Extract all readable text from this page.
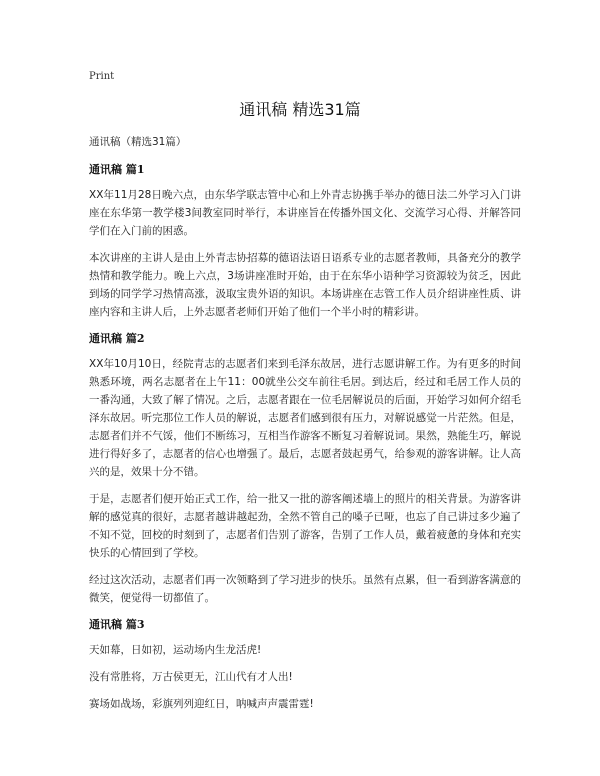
Print
通讯稿 精选31篇

通讯稿（精选31篇）

通讯稿 篇1

XX年11月28日晚六点，由东华学联志管中心和上外青志协携手举办的德日法二外学习入门讲座在东华第一教学楼3间教室同时举行，本讲座旨在传播外国文化、交流学习心得、并解答同学们在入门前的困惑。

本次讲座的主讲人是由上外青志协招募的德语法语日语系专业的志愿者教师，具备充分的教学热情和教学能力。晚上六点，3场讲座准时开始，由于在东华小语种学习资源较为贫乏，因此到场的同学学习热情高涨，汲取宝贵外语的知识。本场讲座在志管工作人员介绍讲座性质、讲座内容和主讲人后，上外志愿者老师们开始了他们一个半小时的精彩讲。

通讯稿 篇2

XX年10月10日，经院青志的志愿者们来到毛泽东故居，进行志愿讲解工作。为有更多的时间熟悉环境，两名志愿者在上午11：00就坐公交车前往毛居。到达后，经过和毛居工作人员的一番沟通，大致了解了情况。之后，志愿者跟在一位毛居解说员的后面，开始学习如何介绍毛泽东故居。听完那位工作人员的解说，志愿者们感到很有压力，对解说感觉一片茫然。但是，志愿者们并不气馁，他们不断练习，互相当作游客不断复习着解说词。果然，熟能生巧，解说进行得好多了，志愿者的信心也增强了。最后，志愿者鼓起勇气，给参观的游客讲解。让人高兴的是，效果十分不错。

于是，志愿者们便开始正式工作，给一批又一批的游客阐述墙上的照片的相关背景。为游客讲解的感觉真的很好，志愿者越讲越起劲，全然不管自己的嗓子已哑，也忘了自己讲过多少遍了不知不觉，回校的时刻到了，志愿者们告别了游客，告别了工作人员，戴着疲惫的身体和充实快乐的心情回到了学校。

经过这次活动，志愿者们再一次领略到了学习进步的快乐。虽然有点累，但一看到游客满意的微笑，便觉得一切都值了。

通讯稿 篇3

天如幕，日如初，运动场内生龙活虎!

没有常胜将，万古侯更无，江山代有才人出!

赛场如战场，彩旗列列迎红日，呐喊声声震雷霆!
